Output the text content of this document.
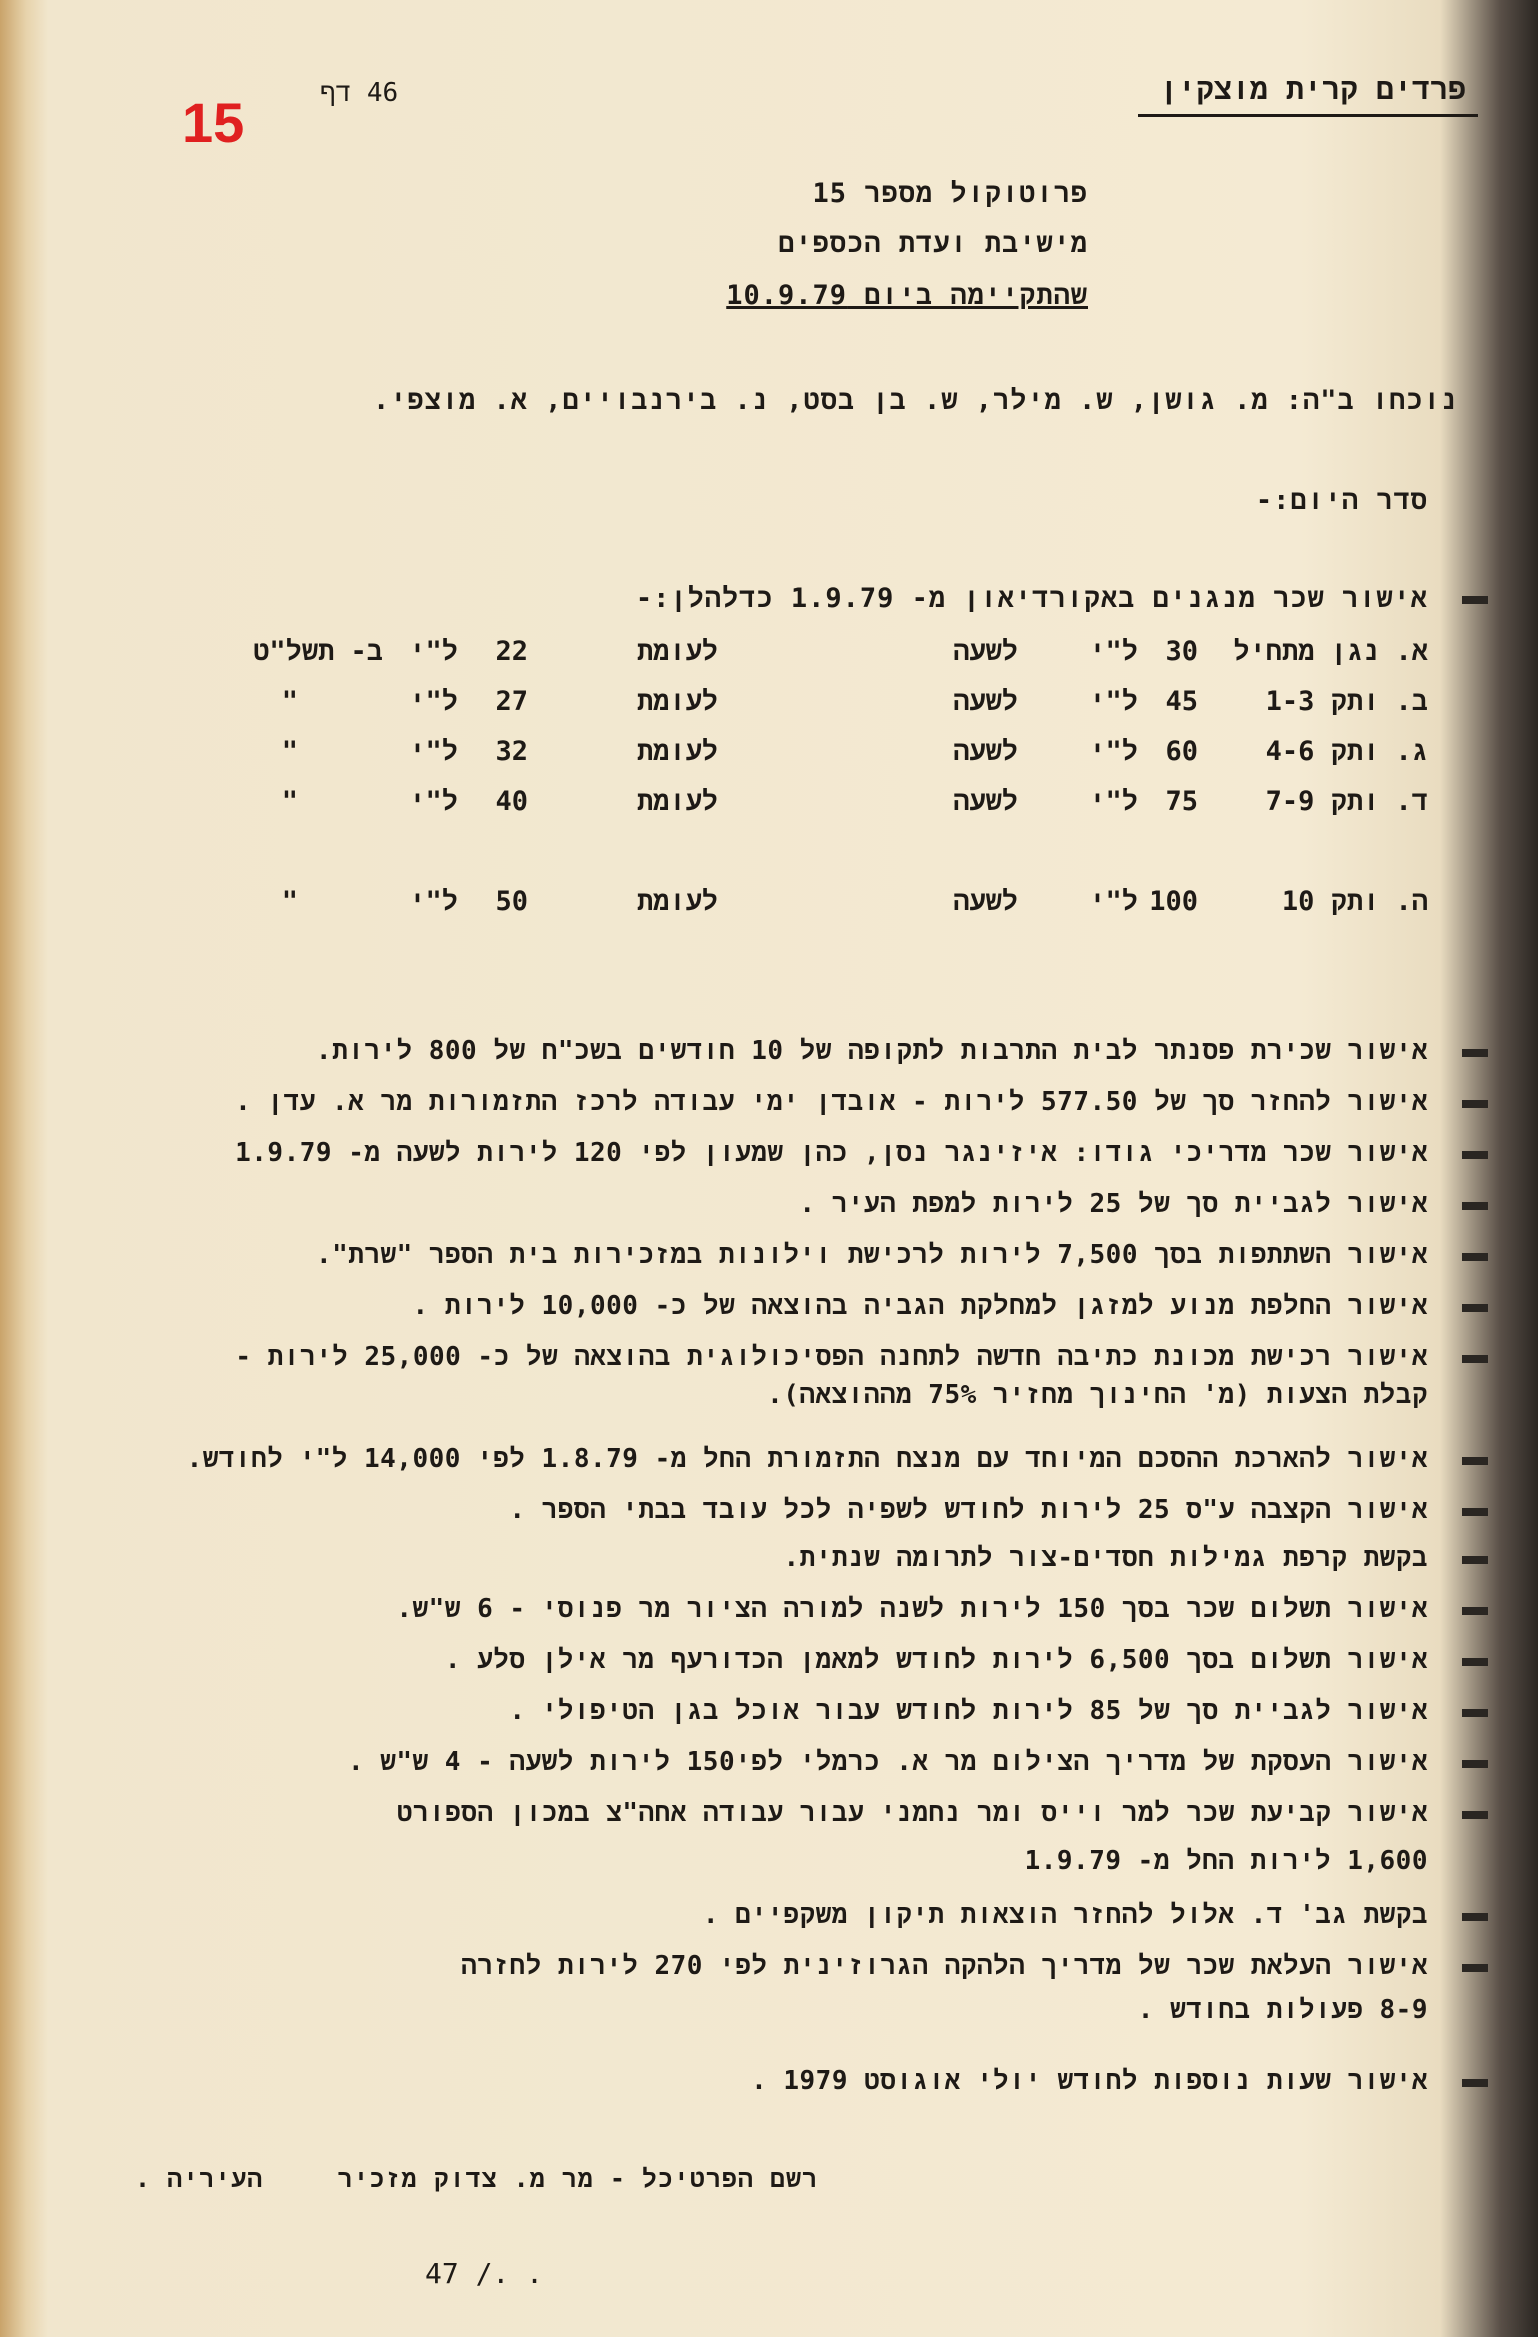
15	46 דף	פרדים קרית מוצקין
פרוטוקול מספר 15
מישיבת ועדת הכספים
שהתקיימה ביום 10.9.79
נוכחו ב"ה: מ. גושן, ש. מילר, ש. בן בסט, נ. בירנבויים, א. מוצפי.
סדר היום:-
אישור שכר מנגנים באקורדיאון מ- 1.9.79 כדלהלן:-
א. נגן מתחיל
30
ל"י
לשעה
לעומת
22
ל"י
ב- תשל"ט
ב. ותק 1-3
45
ל"י
לשעה
לעומת
27
ל"י
"
ג. ותק 4-6
60
ל"י
לשעה
לעומת
32
ל"י
"
ד. ותק 7-9
75
ל"י
לשעה
לעומת
40
ל"י
"
ה. ותק 10
100
ל"י
לשעה
לעומת
50
ל"י
"
אישור שכירת פסנתר לבית התרבות לתקופה של 10 חודשים בשכ"ח של 800 לירות.
אישור להחזר סך של 577.50 לירות - אובדן ימי עבודה לרכז התזמורות מר א. עדן .
אישור שכר מדריכי גודו: איזינגר נסן, כהן שמעון לפי 120 לירות לשעה מ- 1.9.79
אישור לגביית סך של 25 לירות למפת העיר .
אישור השתתפות בסך 7,500 לירות לרכישת וילונות במזכירות בית הספר "שרת".
אישור החלפת מנוע למזגן למחלקת הגביה בהוצאה של כ- 10,000 לירות .
אישור רכישת מכונת כתיבה חדשה לתחנה הפסיכולוגית בהוצאה של כ- 25,000 לירות -
קבלת הצעות (מ' החינוך מחזיר 75% מההוצאה).
אישור להארכת ההסכם המיוחד עם מנצח התזמורת החל מ- 1.8.79 לפי 14,000 ל"י לחודש.
אישור הקצבה ע"ס 25 לירות לחודש לשפיה לכל עובד בבתי הספר .
בקשת קרפת גמילות חסדים-צור לתרומה שנתית.
אישור תשלום שכר בסך 150 לירות לשנה למורה הציור מר פנוסי - 6 ש"ש.
אישור תשלום בסך 6,500 לירות לחודש למאמן הכדורעף מר אילן סלע .
אישור לגביית סך של 85 לירות לחודש עבור אוכל בגן הטיפולי .
אישור העסקת של מדריך הצילום מר א. כרמלי לפי150 לירות לשעה - 4 ש"ש .
אישור קביעת שכר למר וייס ומר נחמני עבור עבודה אחה"צ במכון הספורט
1,600 לירות החל מ- 1.9.79
בקשת גב' ד. אלול להחזר הוצאות תיקון משקפיים .
אישור העלאת שכר של מדריך הלהקה הגרוזינית לפי 270 לירות לחזרה
8-9 פעולות בחודש .
אישור שעות נוספות לחודש יולי אוגוסט 1979 .
רשם הפרטיכל - מר מ. צדוק מזכיר
העיריה .
47 /. .
